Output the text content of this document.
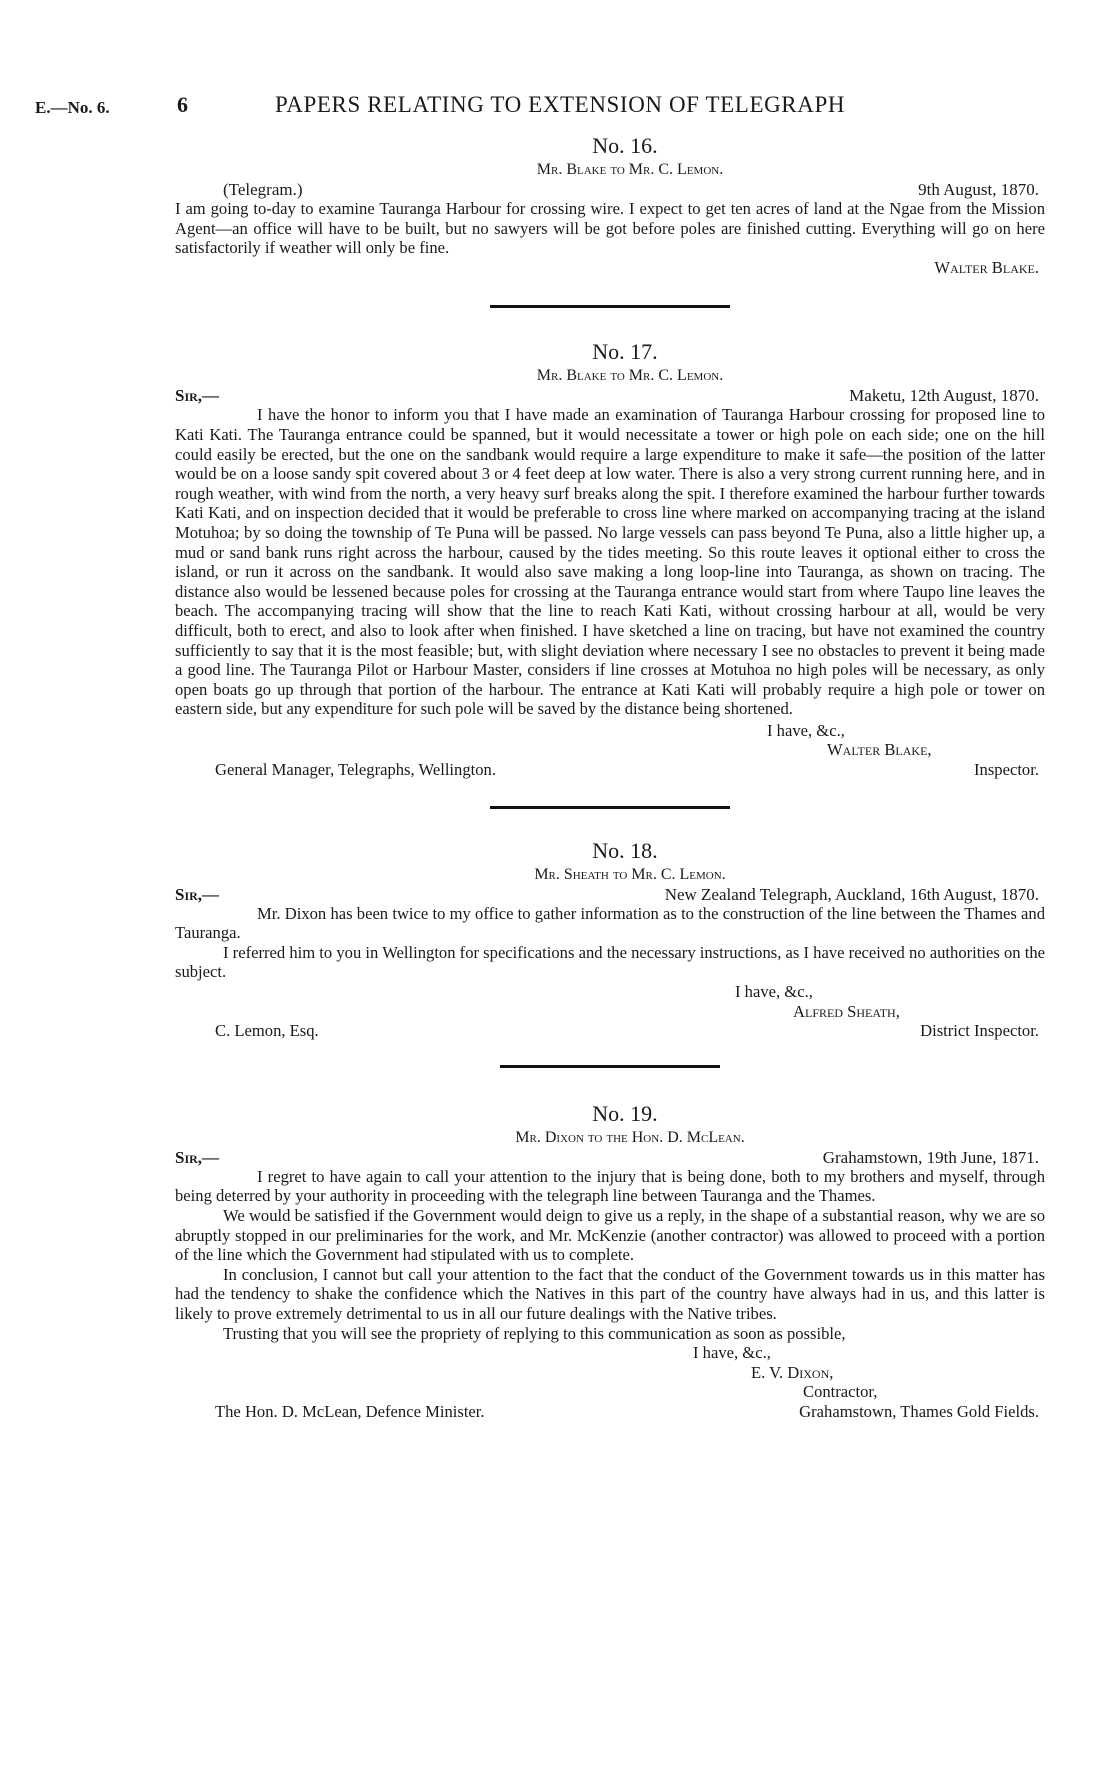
E.—No. 6.	6	PAPERS RELATING TO EXTENSION OF TELEGRAPH
No. 16.
Mr. Blake to Mr. C. Lemon.
(Telegram.)	9th August, 1870.

I am going to-day to examine Tauranga Harbour for crossing wire. I expect to get ten acres of land at the Ngae from the Mission Agent—an office will have to be built, but no sawyers will be got before poles are finished cutting. Everything will go on here satisfactorily if weather will only be fine.

Walter Blake.
No. 17.
Mr. Blake to Mr. C. Lemon.
Sir,—	Maketu, 12th August, 1870.

I have the honor to inform you that I have made an examination of Tauranga Harbour crossing for proposed line to Kati Kati. The Tauranga entrance could be spanned, but it would necessitate a tower or high pole on each side; one on the hill could easily be erected, but the one on the sandbank would require a large expenditure to make it safe—the position of the latter would be on a loose sandy spit covered about 3 or 4 feet deep at low water. There is also a very strong current running here, and in rough weather, with wind from the north, a very heavy surf breaks along the spit. I therefore examined the harbour further towards Kati Kati, and on inspection decided that it would be preferable to cross line where marked on accompanying tracing at the island Motuhoa; by so doing the township of Te Puna will be passed. No large vessels can pass beyond Te Puna, also a little higher up, a mud or sand bank runs right across the harbour, caused by the tides meeting. So this route leaves it optional either to cross the island, or run it across on the sandbank. It would also save making a long loop-line into Tauranga, as shown on tracing. The distance also would be lessened because poles for crossing at the Tauranga entrance would start from where Taupo line leaves the beach. The accompanying tracing will show that the line to reach Kati Kati, without crossing harbour at all, would be very difficult, both to erect, and also to look after when finished. I have sketched a line on tracing, but have not examined the country sufficiently to say that it is the most feasible; but, with slight deviation where necessary I see no obstacles to prevent it being made a good line. The Tauranga Pilot or Harbour Master, considers if line crosses at Motuhoa no high poles will be necessary, as only open boats go up through that portion of the harbour. The entrance at Kati Kati will probably require a high pole or tower on eastern side, but any expenditure for such pole will be saved by the distance being shortened.

I have, &c.,
Walter Blake,
General Manager, Telegraphs, Wellington.	Inspector.
No. 18.
Mr. Sheath to Mr. C. Lemon.
Sir,—	New Zealand Telegraph, Auckland, 16th August, 1870.

Mr. Dixon has been twice to my office to gather information as to the construction of the line between the Thames and Tauranga.

I referred him to you in Wellington for specifications and the necessary instructions, as I have received no authorities on the subject.

I have, &c.,
Alfred Sheath,
C. Lemon, Esq.	District Inspector.
No. 19.
Mr. Dixon to the Hon. D. McLean.
Sir,—	Grahamstown, 19th June, 1871.

I regret to have again to call your attention to the injury that is being done, both to my brothers and myself, through being deterred by your authority in proceeding with the telegraph line between Tauranga and the Thames.

We would be satisfied if the Government would deign to give us a reply, in the shape of a substantial reason, why we are so abruptly stopped in our preliminaries for the work, and Mr. McKenzie (another contractor) was allowed to proceed with a portion of the line which the Government had stipulated with us to complete.

In conclusion, I cannot but call your attention to the fact that the conduct of the Government towards us in this matter has had the tendency to shake the confidence which the Natives in this part of the country have always had in us, and this latter is likely to prove extremely detrimental to us in all our future dealings with the Native tribes.

Trusting that you will see the propriety of replying to this communication as soon as possible,

I have, &c.,
E. V. Dixon,
Contractor,
The Hon. D. McLean, Defence Minister.	Grahamstown, Thames Gold Fields.
